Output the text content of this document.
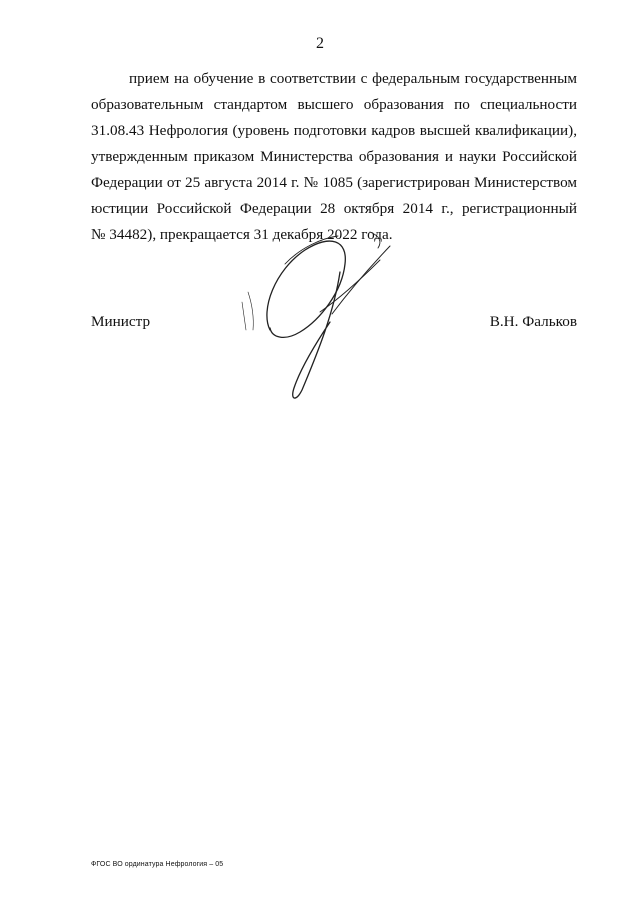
2
прием на обучение в соответствии с федеральным государственным
образовательным стандартом высшего образования по специальности
31.08.43 Нефрология (уровень подготовки кадров высшей квалификации),
утвержденным приказом Министерства образования и науки Российской
Федерации от 25 августа 2014 г. № 1085 (зарегистрирован Министерством
юстиции Российской Федерации 28 октября 2014 г., регистрационный
№ 34482), прекращается 31 декабря 2022 года.
Министр	В.Н. Фальков
ФГОС ВО ординатура Нефрология – 05
